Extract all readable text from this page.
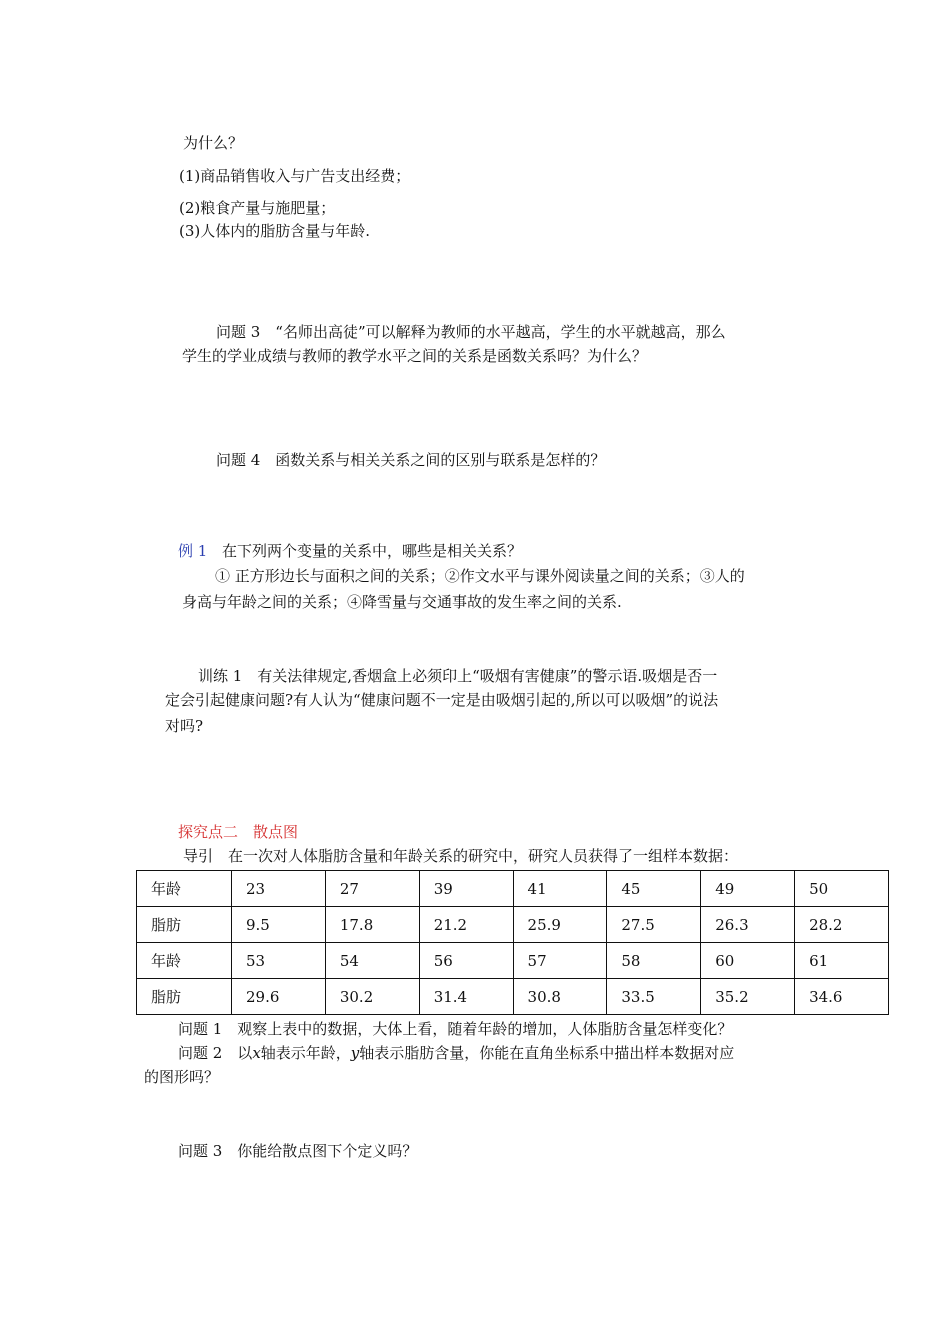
为什么？
(1)商品销售收入与广告支出经费；
(2)粮食产量与施肥量；
(3)人体内的脂肪含量与年龄.
问题 3　“名师出高徒”可以解释为教师的水平越高，学生的水平就越高，那么
学生的学业成绩与教师的教学水平之间的关系是函数关系吗？为什么？
问题 4　函数关系与相关关系之间的区别与联系是怎样的？
例 1 在下列两个变量的关系中，哪些是相关关系？
① 正方形边长与面积之间的关系；②作文水平与课外阅读量之间的关系；③人的
身高与年龄之间的关系；④降雪量与交通事故的发生率之间的关系.
训练 1　有关法律规定,香烟盒上必须印上“吸烟有害健康”的警示语.吸烟是否一
定会引起健康问题?有人认为“健康问题不一定是由吸烟引起的,所以可以吸烟”的说法
对吗?
探究点二　散点图
导引　在一次对人体脂肪含量和年龄关系的研究中，研究人员获得了一组样本数据：
年龄	23	27	39	41	45	49	50
脂肪	9.5	17.8	21.2	25.9	27.5	26.3	28.2
年龄	53	54	56	57	58	60	61
脂肪	29.6	30.2	31.4	30.8	33.5	35.2	34.6
问题 1　观察上表中的数据，大体上看，随着年龄的增加，人体脂肪含量怎样变化？
问题 2　以x轴表示年龄，y轴表示脂肪含量，你能在直角坐标系中描出样本数据对应
的图形吗？
问题 3　你能给散点图下个定义吗？
